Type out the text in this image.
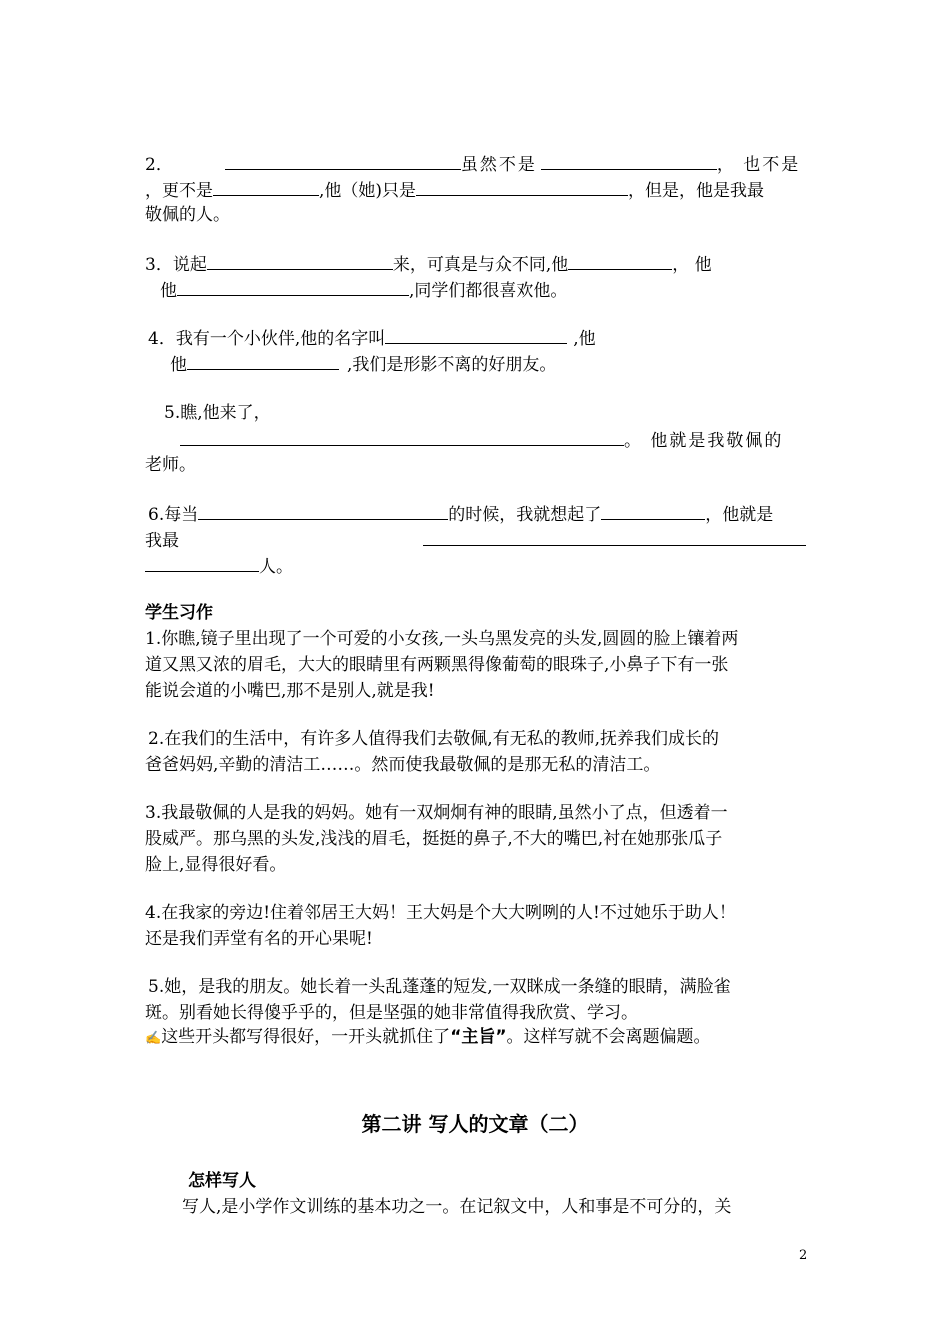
2．	虽然不是	， 也不是
，更不是	,他（她)只是	，但是，他是我最
敬佩的人。
3．说起	来，可真是与众不同,他	， 他
他	,同学们都很喜欢他。
4．我有一个小伙伴,他的名字叫	,他
他	,我们是形影不离的好朋友。
5.瞧,他来了，
。 他就是我敬佩的
老师。
6.每当	的时候，我就想起了	，他就是
我最
人。
学生习作
1.你瞧,镜子里出现了一个可爱的小女孩,一头乌黑发亮的头发,圆圆的脸上镶着两
道又黑又浓的眉毛，大大的眼睛里有两颗黑得像葡萄的眼珠子,小鼻子下有一张
能说会道的小嘴巴,那不是别人,就是我!
2.在我们的生活中，有许多人值得我们去敬佩,有无私的教师,抚养我们成长的
爸爸妈妈,辛勤的清洁工……。然而使我最敬佩的是那无私的清洁工。
3.我最敬佩的人是我的妈妈。她有一双炯炯有神的眼睛,虽然小了点，但透着一
股威严。那乌黑的头发,浅浅的眉毛，挺挺的鼻子,不大的嘴巴,衬在她那张瓜子
脸上,显得很好看。
4.在我家的旁边!住着邻居王大妈！王大妈是个大大咧咧的人!不过她乐于助人！
还是我们弄堂有名的开心果呢!
5.她，是我的朋友。她长着一头乱蓬蓬的短发,一双眯成一条缝的眼睛，满脸雀
斑。别看她长得傻乎乎的，但是坚强的她非常值得我欣赏、学习。
✍这些开头都写得很好，一开头就抓住了“主旨”。这样写就不会离题偏题。
第二讲 写人的文章（二）
怎样写人
写人,是小学作文训练的基本功之一。在记叙文中，人和事是不可分的，关
2
